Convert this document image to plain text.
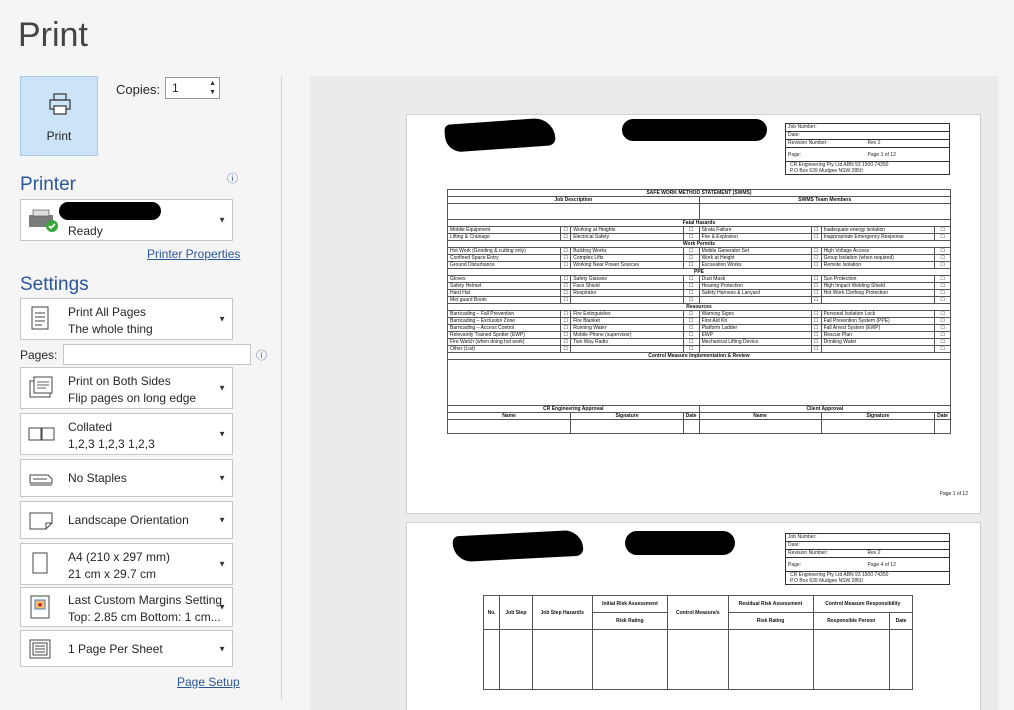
Print
Print
Copies: 1	▲
▼
Printer	ⓘ
Ready
▼
Printer Properties
Settings
Print All Pages
The whole thing
▼
Pages:	ⓘ
Print on Both Sides
Flip pages on long edge
▼
Collated
1,2,3 1,2,3 1,2,3
▼
No Staples	▼
Landscape Orientation	▼
A4 (210 x 297 mm)
21 cm x 29.7 cm
▼
★ Last Custom Margins Setting
Top: 2.85 cm Bottom: 1 cm...
▼
1 Page Per Sheet	▼
Page Setup
Job Number:
Date:
Revision Number:	Rev 2
Page:	Page 1 of 12
CR Engineering Pty Ltd ABN 93 1500 74350
P.O Box 639 Mudgee NSW 2850
SAFE WORK METHOD STATEMENT (SWMS)							
Job Description				SWMS Team Members			

Fatal Hazards							
Mobile Equipment	☐	Working at Heights	☐	Strata Failure	☐	Inadequate energy isolation	☐
Lifting & Crainage	☐	Electrical Safety	☐	Fire & Explosion	☐	Inappropriate Emergency Response	☐
Work Permits							
Hot Work (Grinding & cutting only)	☐	Building Works	☐	Mobile Generator Set	☐	High Voltage Access	☐
Confined Space Entry	☐	Complex Lifts	☐	Work at Height	☐	Group Isolation (when required)	☐
Ground Disturbance	☐	Working Near Power Sources	☐	Excavation Works	☐	Remote Isolation	☐
PPE							
Gloves	☐	Safety Glasses	☐	Dust Mask	☐	Sun Protection	☐
Safety Helmet	☐	Face Shield	☐	Hearing Protection	☐	High Impact Welding Shield	☐
Hard Hat	☐	Respirator	☐	Safety Harness & Lanyard	☐	Hot Work Clothing Protection	☐
Met guard Boots	☐		☐		☐		☐
Resources							
Barricading – Fall Prevention	☐	Fire Extinguisher	☐	Warning Signs	☐	Personal Isolation Lock	☐
Barricading – Exclusion Zone	☐	Fire Blanket	☐	First Aid Kit	☐	Fall Prevention System (PPE)	☐
Barricading – Access Control	☐	Running Water	☐	Platform Ladder	☐	Fall Arrest System (EWP)	☐
Relevantly Trained Spotter (EWP)	☐	Mobile Phone (supervisor)	☐	EWP	☐	Rescue Plan	☐
Fire Watch (when doing hot work)	☐	Two Way Radio	☐	Mechanical Lifting Device	☐	Drinking Water	☐
Other (List)	☐		☐		☐		☐
Control Measure Implementation & Review							

CR Engineering Approval				Client Approval			
Name		Signature	Date	Name		Signature	Date

Page 1 of 12
Job Number:
Date:
Revision Number:	Rev 2
Page:	Page 4 of 12
CR Engineering Pty Ltd ABN 93 1500 74350
P.O Box 639 Mudgee NSW 2850
No.	Job Step	Job Step Hazard/s	Initial Risk Assessment	Control Measure/s	Residual Risk Assessment	Control Measure Responsibility	
			Risk Rating		Risk Rating	Responsible Person	Date
